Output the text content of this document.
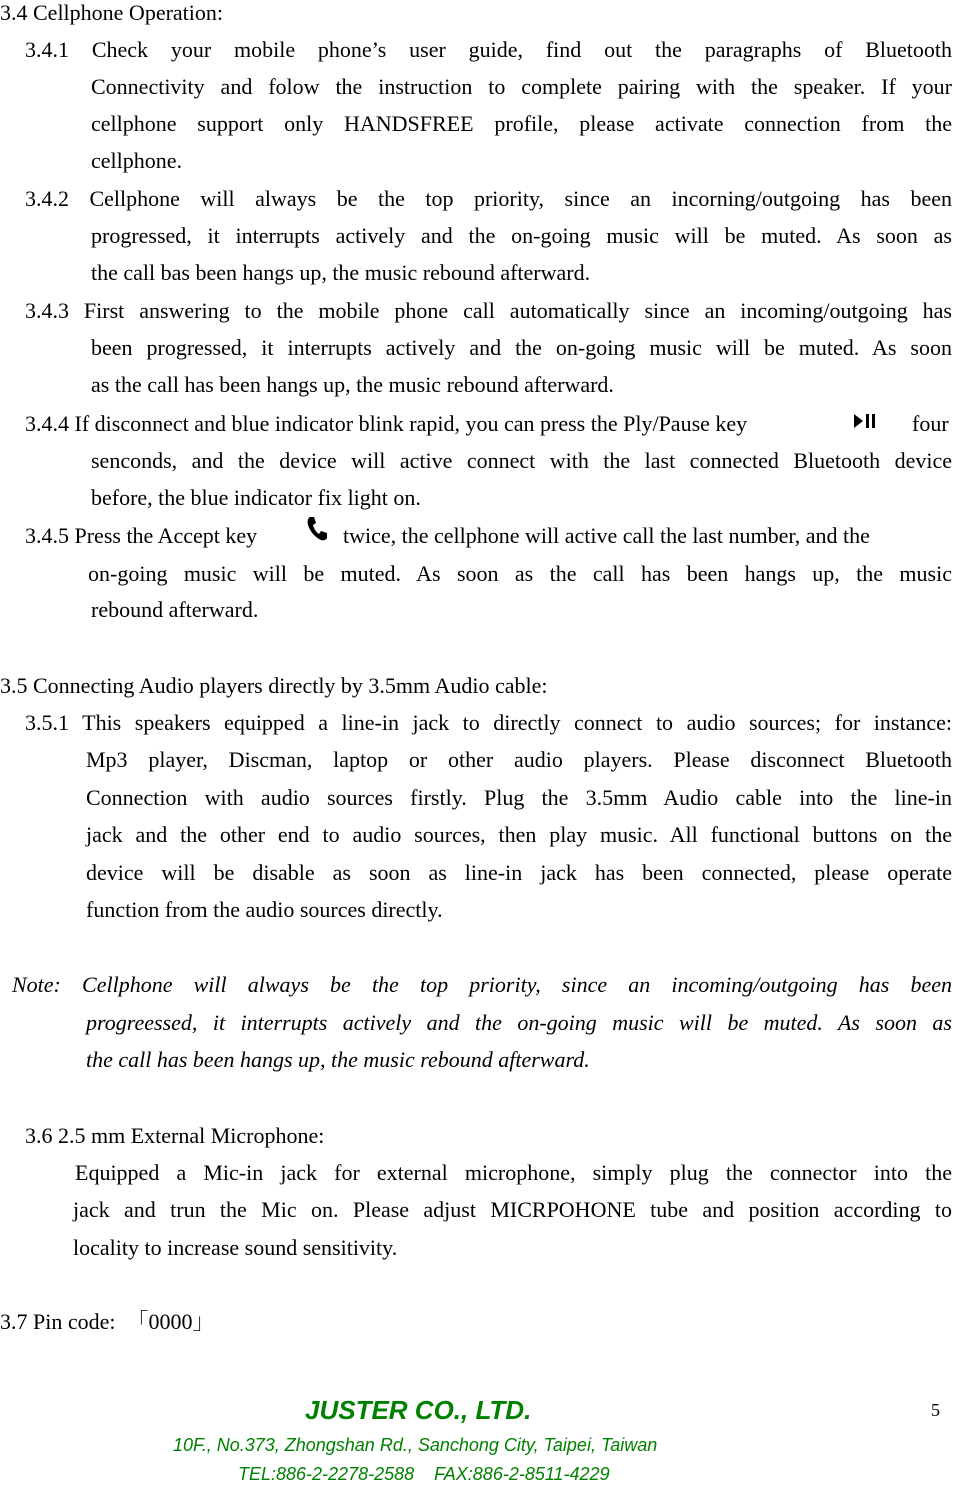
3.4 Cellphone Operation:
3.4.1 Check your mobile phone’s user guide, find out the paragraphs of Bluetooth
Connectivity and folow the instruction to complete pairing with the speaker. If your
cellphone support only HANDSFREE profile, please activate connection from the
cellphone.
3.4.2 Cellphone will always be the top priority, since an incorning/outgoing has been
progressed, it interrupts actively and the on-going music will be muted. As soon as
the call bas been hangs up, the music rebound afterward.
3.4.3 First answering to the mobile phone call automatically since an incoming/outgoing has
been progressed, it interrupts actively and the on-going music will be muted. As soon
as the call has been hangs up, the music rebound afterward.
3.4.4 If disconnect and blue indicator blink rapid, you can press the Ply/Pause key	four
senconds, and the device will active connect with the last connected Bluetooth device
before, the blue indicator fix light on.
3.4.5 Press the Accept key	twice, the cellphone will active call the last number, and the
on-going music will be muted. As soon as the call has been hangs up, the music
rebound afterward.
3.5 Connecting Audio players directly by 3.5mm Audio cable:
3.5.1 This speakers equipped a line-in jack to directly connect to audio sources; for instance:
Mp3 player, Discman, laptop or other audio players. Please disconnect Bluetooth
Connection with audio sources firstly. Plug the 3.5mm Audio cable into the line-in
jack and the other end to audio sources, then play music. All functional buttons on the
device will be disable as soon as line-in jack has been connected, please operate
function from the audio sources directly.
Note: Cellphone will always be the top priority, since an incoming/outgoing has been
progreessed, it interrupts actively and the on-going music will be muted. As soon as
the call has been hangs up, the music rebound afterward.
3.6 2.5 mm External Microphone:
Equipped a Mic-in jack for external microphone, simply plug the connector into the
jack and trun the Mic on. Please adjust MICRPOHONE tube and position according to
locality to increase sound sensitivity.
3.7 Pin code:  「0000」
JUSTER CO., LTD.
10F., No.373, Zhongshan Rd., Sanchong City, Taipei, Taiwan
TEL:886-2-2278-2588    FAX:886-2-8511-4229
5
